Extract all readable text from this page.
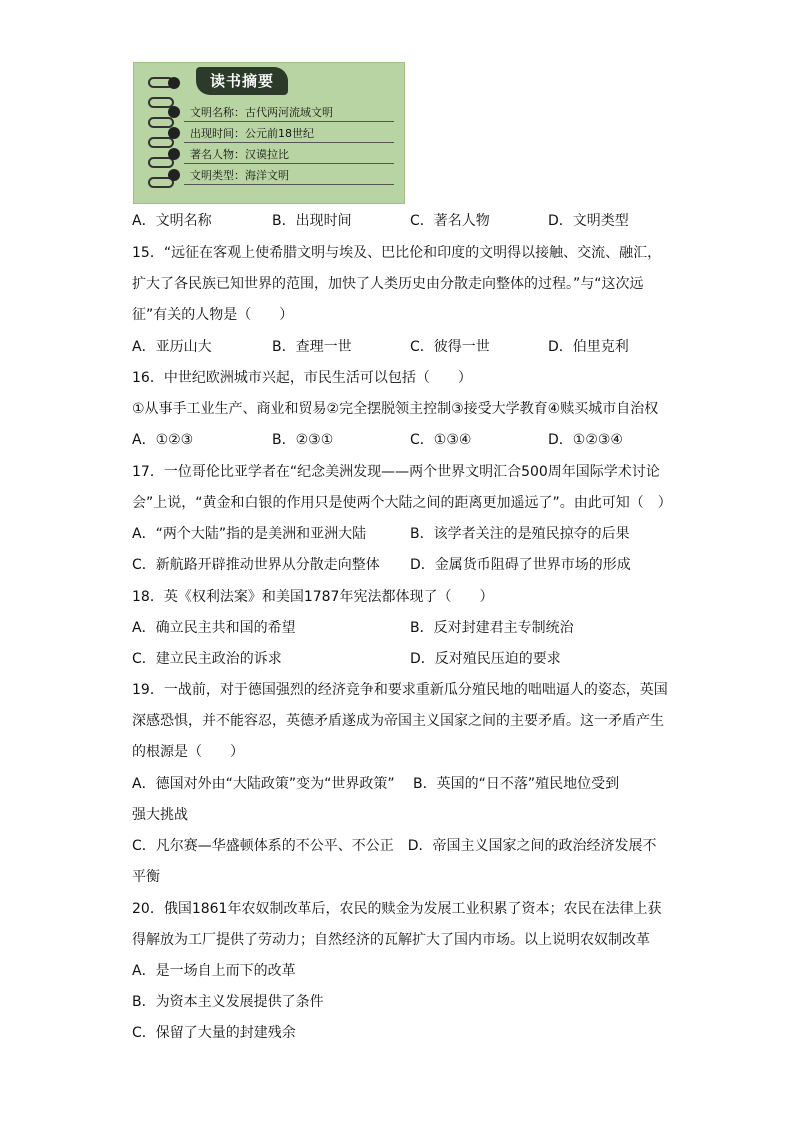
读书摘要
文明名称：古代两河流域文明
出现时间：公元前18世纪
著名人物：汉谟拉比
文明类型：海洋文明
A．文明名称	B．出现时间	C．著名人物	D．文明类型
15．“远征在客观上使希腊文明与埃及、巴比伦和印度的文明得以接触、交流、融汇，
扩大了各民族已知世界的范围，加快了人类历史由分散走向整体的过程。”与“这次远
征”有关的人物是（　　）
A．亚历山大	B．查理一世	C．彼得一世	D．伯里克利
16．中世纪欧洲城市兴起，市民生活可以包括（　　）
①从事手工业生产、商业和贸易②完全摆脱领主控制③接受大学教育④赎买城市自治权
A．①②③	B．②③①	C．①③④	D．①②③④
17．一位哥伦比亚学者在“纪念美洲发现——两个世界文明汇合500周年国际学术讨论
会”上说，“黄金和白银的作用只是使两个大陆之间的距离更加遥远了”。由此可知（　）
A．“两个大陆”指的是美洲和亚洲大陆	B．该学者关注的是殖民掠夺的后果
C．新航路开辟推动世界从分散走向整体 D．金属货币阻碍了世界市场的形成
18．英《权利法案》和美国1787年宪法都体现了（　　）
A．确立民主共和国的希望	B．反对封建君主专制统治
C．建立民主政治的诉求	D．反对殖民压迫的要求
19．一战前，对于德国强烈的经济竞争和要求重新瓜分殖民地的咄咄逼人的姿态，英国
深感恐惧，并不能容忍，英德矛盾遂成为帝国主义国家之间的主要矛盾。这一矛盾产生
的根源是（　　）
A．德国对外由“大陆政策”变为“世界政策”　 B．英国的“日不落”殖民地位受到
强大挑战
C．凡尔赛—华盛顿体系的不公平、不公正　D．帝国主义国家之间的政治经济发展不
平衡
20．俄国1861年农奴制改革后，农民的赎金为发展工业积累了资本；农民在法律上获
得解放为工厂提供了劳动力；自然经济的瓦解扩大了国内市场。以上说明农奴制改革
A．是一场自上而下的改革
B．为资本主义发展提供了条件
C．保留了大量的封建残余
